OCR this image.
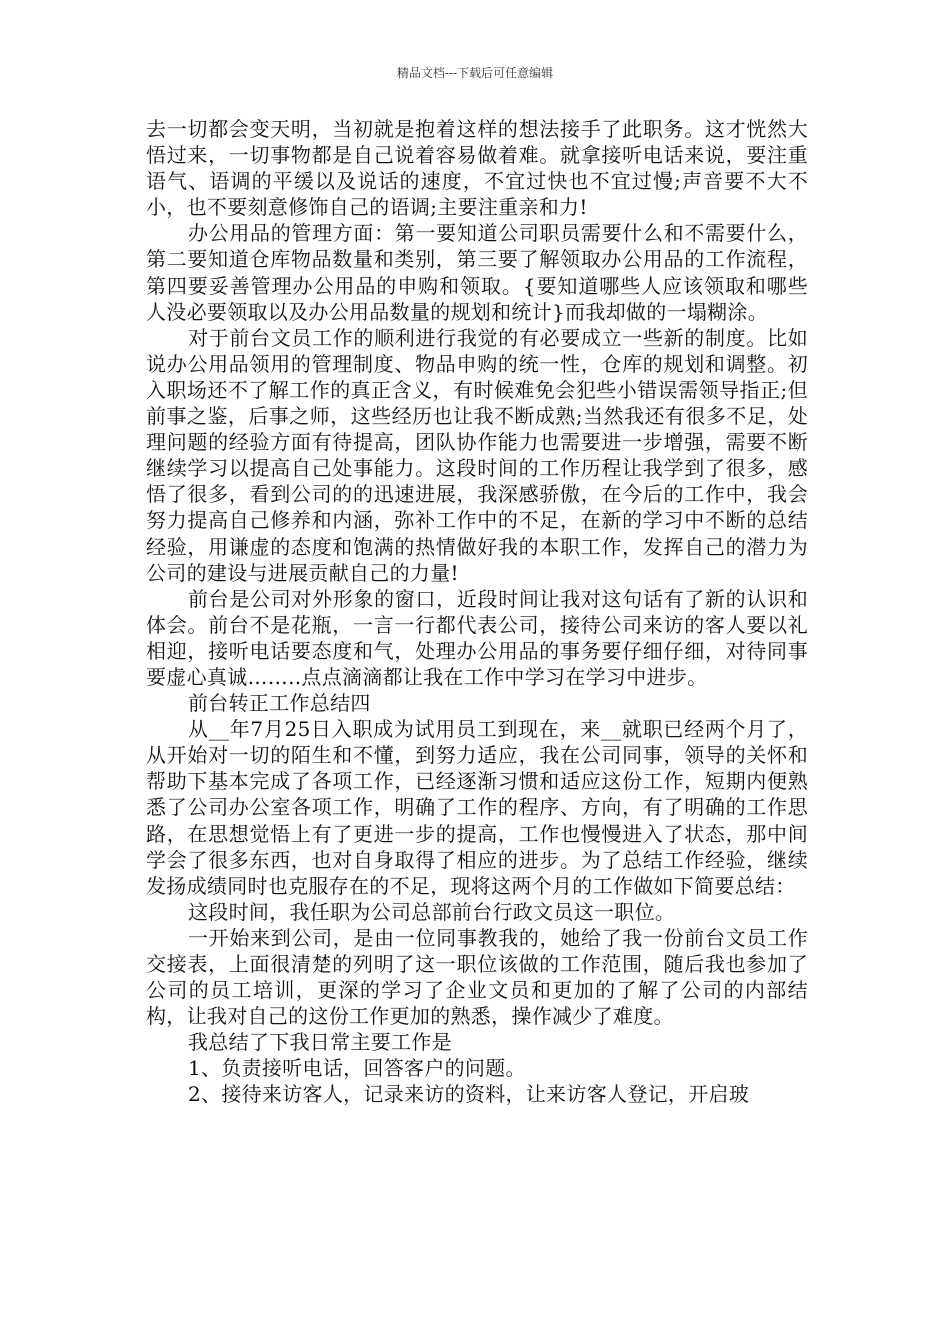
精品文档---下载后可任意编辑

去一切都会变天明，当初就是抱着这样的想法接手了此职务。这才恍然大悟过来，一切事物都是自己说着容易做着难。就拿接听电话来说，要注重语气、语调的平缓以及说话的速度，不宜过快也不宜过慢;声音要不大不小，也不要刻意修饰自己的语调;主要注重亲和力!

办公用品的管理方面：第一要知道公司职员需要什么和不需要什么，第二要知道仓库物品数量和类别，第三要了解领取办公用品的工作流程，第四要妥善管理办公用品的申购和领取。{要知道哪些人应该领取和哪些人没必要领取以及办公用品数量的规划和统计}而我却做的一塌糊涂。

对于前台文员工作的顺利进行我觉的有必要成立一些新的制度。比如说办公用品领用的管理制度、物品申购的统一性，仓库的规划和调整。初入职场还不了解工作的真正含义，有时候难免会犯些小错误需领导指正;但前事之鉴，后事之师，这些经历也让我不断成熟;当然我还有很多不足，处理问题的经验方面有待提高，团队协作能力也需要进一步增强，需要不断继续学习以提高自己处事能力。这段时间的工作历程让我学到了很多，感悟了很多，看到公司的的迅速进展，我深感骄傲，在今后的工作中，我会努力提高自己修养和内涵，弥补工作中的不足，在新的学习中不断的总结经验，用谦虚的态度和饱满的热情做好我的本职工作，发挥自己的潜力为公司的建设与进展贡献自己的力量!

前台是公司对外形象的窗口，近段时间让我对这句话有了新的认识和体会。前台不是花瓶，一言一行都代表公司，接待公司来访的客人要以礼相迎，接听电话要态度和气，处理办公用品的事务要仔细仔细，对待同事要虚心真诚……..点点滴滴都让我在工作中学习在学习中进步。

前台转正工作总结四

从__年7月25日入职成为试用员工到现在，来__就职已经两个月了，从开始对一切的陌生和不懂，到努力适应，我在公司同事，领导的关怀和帮助下基本完成了各项工作，已经逐渐习惯和适应这份工作，短期内便熟悉了公司办公室各项工作，明确了工作的程序、方向，有了明确的工作思路，在思想觉悟上有了更进一步的提高，工作也慢慢进入了状态，那中间学会了很多东西，也对自身取得了相应的进步。为了总结工作经验，继续发扬成绩同时也克服存在的不足，现将这两个月的工作做如下简要总结：

这段时间，我任职为公司总部前台行政文员这一职位。

一开始来到公司，是由一位同事教我的，她给了我一份前台文员工作交接表，上面很清楚的列明了这一职位该做的工作范围，随后我也参加了公司的员工培训，更深的学习了企业文员和更加的了解了公司的内部结构，让我对自己的这份工作更加的熟悉，操作减少了难度。

我总结了下我日常主要工作是

1、负责接听电话，回答客户的问题。

2、接待来访客人，记录来访的资料，让来访客人登记，开启玻
